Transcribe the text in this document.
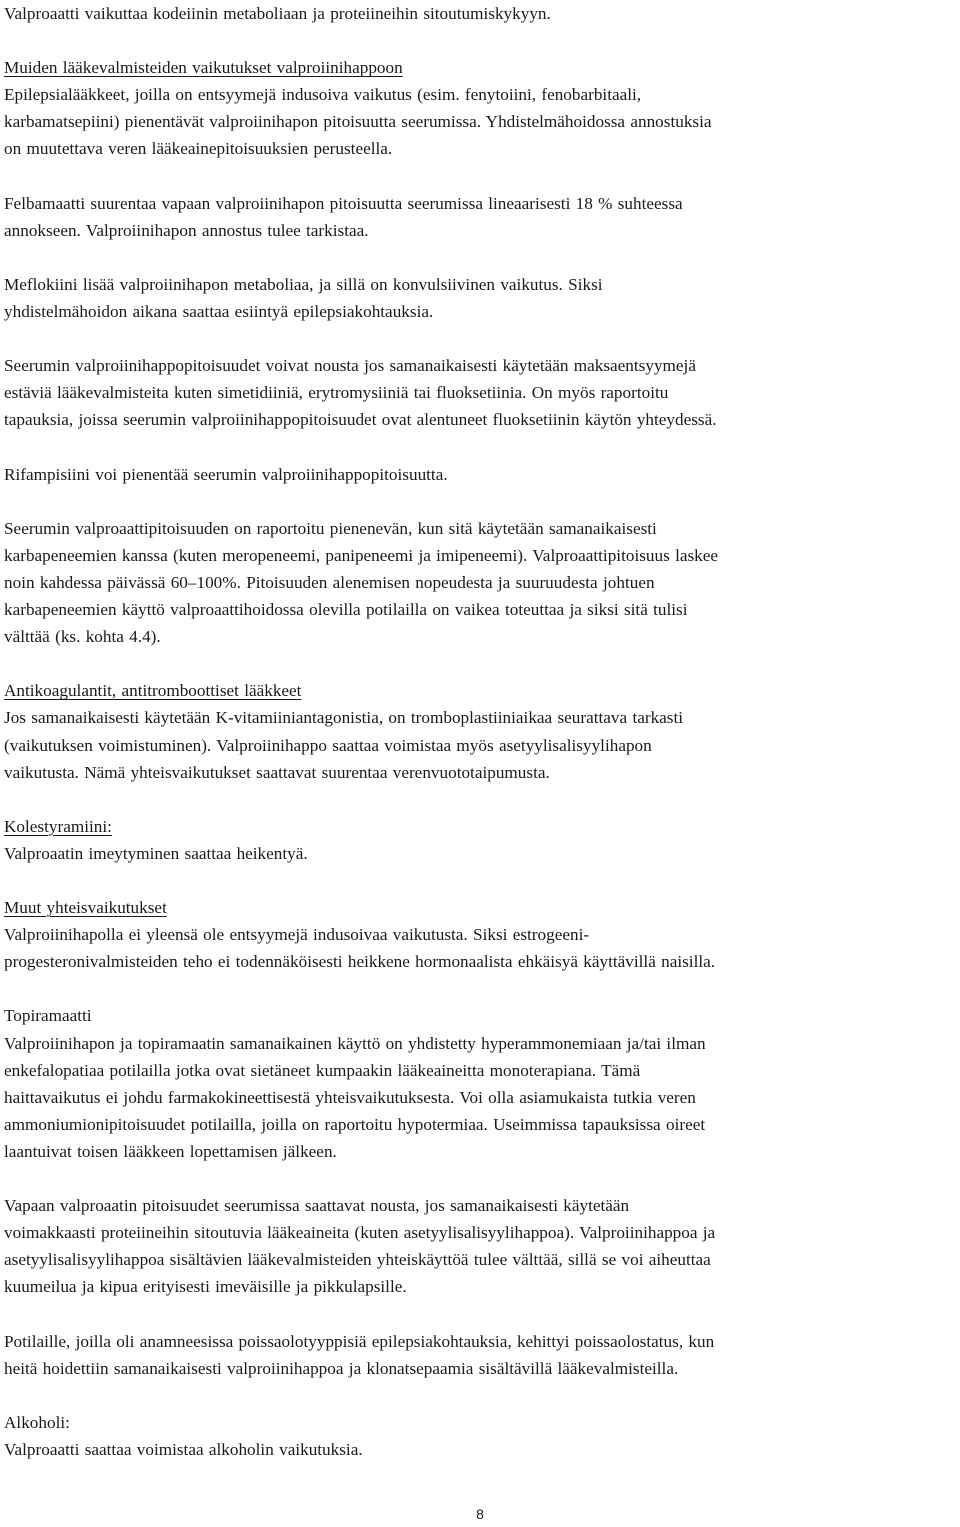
Valproaatti vaikuttaa kodeiinin metaboliaan ja proteiineihin sitoutumiskykyyn.
Muiden lääkevalmisteiden vaikutukset valproiinihappoon
Epilepsialääkkeet, joilla on entsyymejä indusoiva vaikutus (esim. fenytoiini, fenobarbitaali,
karbamatsepiini) pienentävät valproiinihapon pitoisuutta seerumissa. Yhdistelmähoidossa annostuksia
on muutettava veren lääkeainepitoisuuksien perusteella.
Felbamaatti suurentaa vapaan valproiinihapon pitoisuutta seerumissa lineaarisesti 18 % suhteessa
annokseen. Valproiinihapon annostus tulee tarkistaa.
Meflokiini lisää valproiinihapon metaboliaa, ja sillä on konvulsiivinen vaikutus. Siksi
yhdistelmähoidon aikana saattaa esiintyä epilepsiakohtauksia.
Seerumin valproiinihappopitoisuudet voivat nousta jos samanaikaisesti käytetään maksaentsyymejä
estäviä lääkevalmisteita kuten simetidiiniä, erytromysiiniä tai fluoksetiinia. On myös raportoitu
tapauksia, joissa seerumin valproiinihappopitoisuudet ovat alentuneet fluoksetiinin käytön yhteydessä.
Rifampisiini voi pienentää seerumin valproiinihappopitoisuutta.
Seerumin valproaattipitoisuuden on raportoitu pienenevän, kun sitä käytetään samanaikaisesti
karbapeneemien kanssa (kuten meropeneemi, panipeneemi ja imipeneemi). Valproaattipitoisuus laskee
noin kahdessa päivässä 60–100%. Pitoisuuden alenemisen nopeudesta ja suuruudesta johtuen
karbapeneemien käyttö valproaattihoidossa olevilla potilailla on vaikea toteuttaa ja siksi sitä tulisi
välttää (ks. kohta 4.4).
Antikoagulantit, antitromboottiset lääkkeet
Jos samanaikaisesti käytetään K-vitamiiniantagonistia, on tromboplastiiniaikaa seurattava tarkasti
(vaikutuksen voimistuminen). Valproiinihappo saattaa voimistaa myös asetyylisalisyylihapon
vaikutusta. Nämä yhteisvaikutukset saattavat suurentaa verenvuototaipumusta.
Kolestyramiini:
Valproaatin imeytyminen saattaa heikentyä.
Muut yhteisvaikutukset
Valproiinihapolla ei yleensä ole entsyymejä indusoivaa vaikutusta. Siksi estrogeeni-
progesteronivalmisteiden teho ei todennäköisesti heikkene hormonaalista ehkäisyä käyttävillä naisilla.
Topiramaatti
Valproiinihapon ja topiramaatin samanaikainen käyttö on yhdistetty hyperammonemiaan ja/tai ilman
enkefalopatiaa potilailla jotka ovat sietäneet kumpaakin lääkeaineitta monoterapiana. Tämä
haittavaikutus ei johdu farmakokineettisestä yhteisvaikutuksesta. Voi olla asiamukaista tutkia veren
ammoniumionipitoisuudet potilailla, joilla on raportoitu hypotermiaa. Useimmissa tapauksissa oireet
laantuivat toisen lääkkeen lopettamisen jälkeen.
Vapaan valproaatin pitoisuudet seerumissa saattavat nousta, jos samanaikaisesti käytetään
voimakkaasti proteiineihin sitoutuvia lääkeaineita (kuten asetyylisalisyylihappoa). Valproiinihappoa ja
asetyylisalisyylihappoa sisältävien lääkevalmisteiden yhteiskäyttöä tulee välttää, sillä se voi aiheuttaa
kuumeilua ja kipua erityisesti imeväisille ja pikkulapsille.
Potilaille, joilla oli anamneesissa poissaolotyyppisiä epilepsiakohtauksia, kehittyi poissaolostatus, kun
heitä hoidettiin samanaikaisesti valproiinihappoa ja klonatsepaamia sisältävillä lääkevalmisteilla.
Alkoholi:
Valproaatti saattaa voimistaa alkoholin vaikutuksia.
8
